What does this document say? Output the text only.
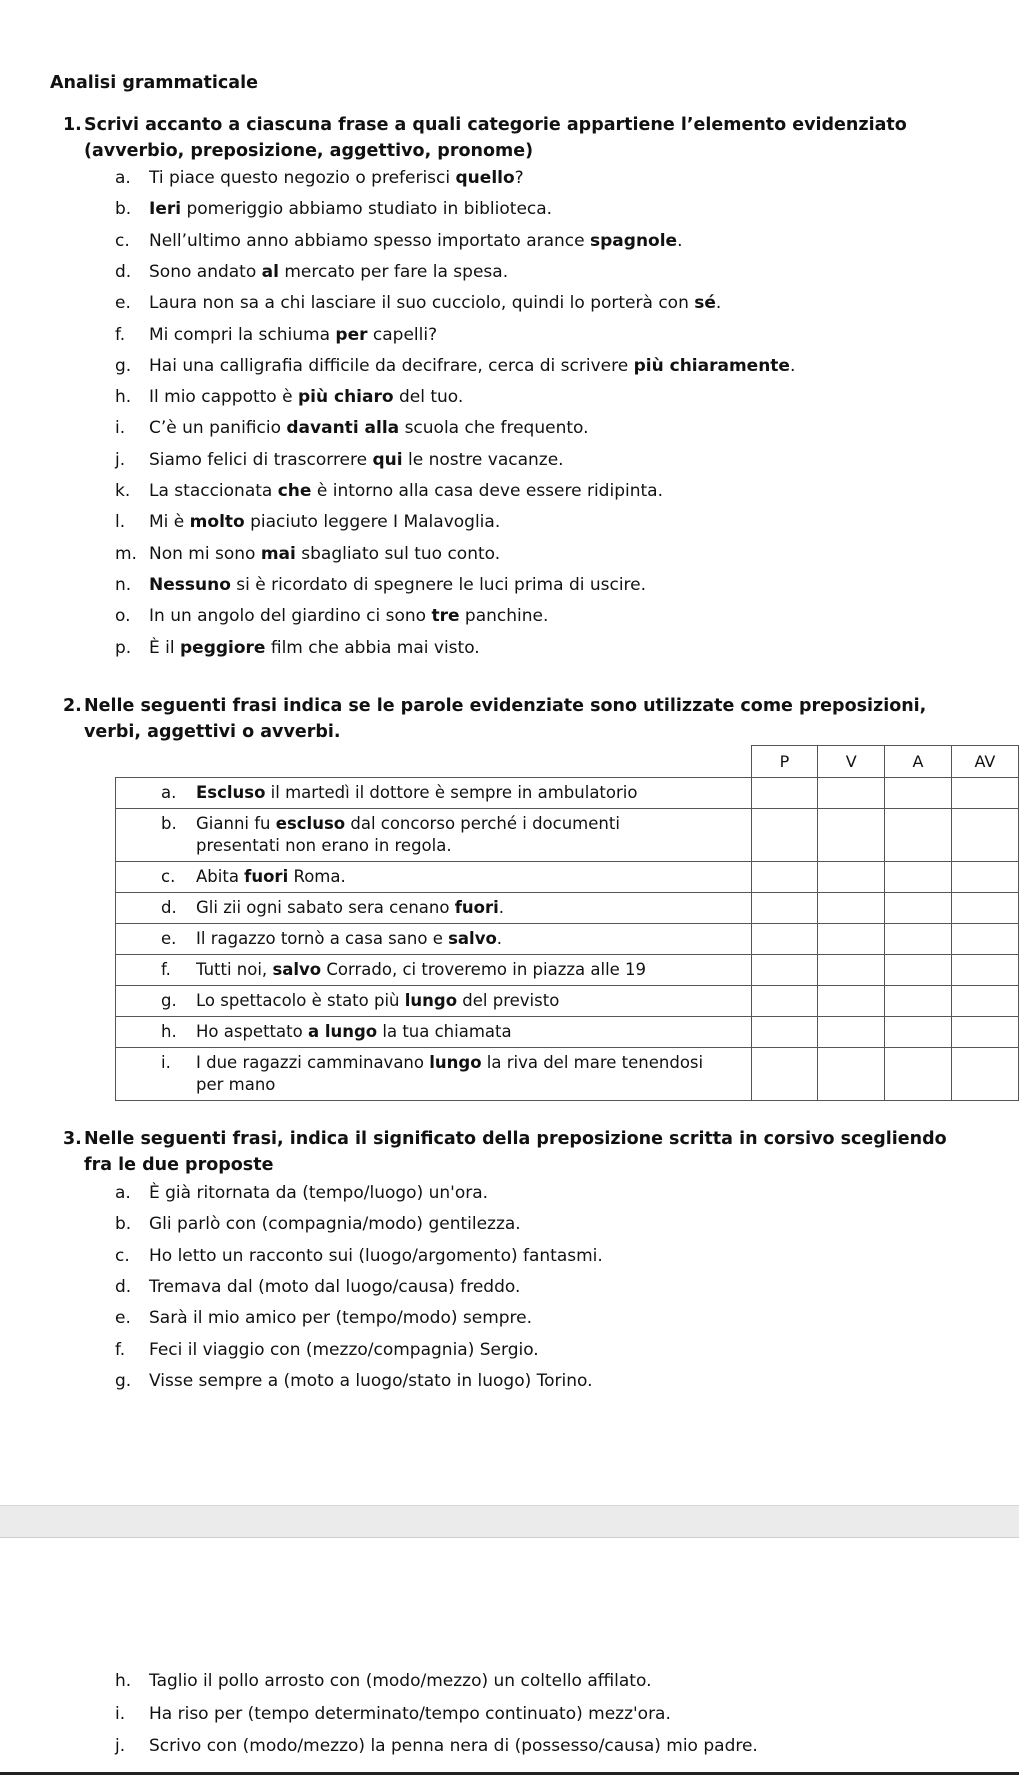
Analisi grammaticale
1. Scrivi accanto a ciascuna frase a quali categorie appartiene l’elemento evidenziato
(avverbio, preposizione, aggettivo, pronome)
a.	Ti piace questo negozio o preferisci quello?
b.	Ieri pomeriggio abbiamo studiato in biblioteca.
c.	Nell’ultimo anno abbiamo spesso importato arance spagnole.
d.	Sono andato al mercato per fare la spesa.
e.	Laura non sa a chi lasciare il suo cucciolo, quindi lo porterà con sé.
f.	Mi compri la schiuma per capelli?
g.	Hai una calligrafia difficile da decifrare, cerca di scrivere più chiaramente.
h.	Il mio cappotto è più chiaro del tuo.
i.	C’è un panificio davanti alla scuola che frequento.
j.	Siamo felici di trascorrere qui le nostre vacanze.
k.	La staccionata che è intorno alla casa deve essere ridipinta.
l.	Mi è molto piaciuto leggere I Malavoglia.
m. Non mi sono mai sbagliato sul tuo conto.
n.	Nessuno si è ricordato di spegnere le luci prima di uscire.
o.	In un angolo del giardino ci sono tre panchine.
p.	È il peggiore film che abbia mai visto.
2. Nelle seguenti frasi indica se le parole evidenziate sono utilizzate come preposizioni,
verbi, aggettivi o avverbi.
	P	V	A	AV

a. Escluso il martedì il dottore è sempre in ambulatorio				

b. Gianni fu escluso dal concorso perché i documenti
presentati non erano in regola.				

c. Abita fuori Roma.				

d. Gli zii ogni sabato sera cenano fuori.				

e. Il ragazzo tornò a casa sano e salvo.				

f. Tutti noi, salvo Corrado, ci troveremo in piazza alle 19				

g. Lo spettacolo è stato più lungo del previsto				

h. Ho aspettato a lungo la tua chiamata				

i. I due ragazzi camminavano lungo la riva del mare tenendosi
per mano				

3. Nelle seguenti frasi, indica il significato della preposizione scritta in corsivo scegliendo
fra le due proposte
a.	È già ritornata da (tempo/luogo) un'ora.
b.	Gli parlò con (compagnia/modo) gentilezza.
c.	Ho letto un racconto sui (luogo/argomento) fantasmi.
d.	Tremava dal (moto dal luogo/causa) freddo.
e.	Sarà il mio amico per (tempo/modo) sempre.
f.	Feci il viaggio con (mezzo/compagnia) Sergio.
g.	Visse sempre a (moto a luogo/stato in luogo) Torino.
h.	Taglio il pollo arrosto con (modo/mezzo) un coltello affilato.
i.	Ha riso per (tempo determinato/tempo continuato) mezz'ora.
j.	Scrivo con (modo/mezzo) la penna nera di (possesso/causa) mio padre.
